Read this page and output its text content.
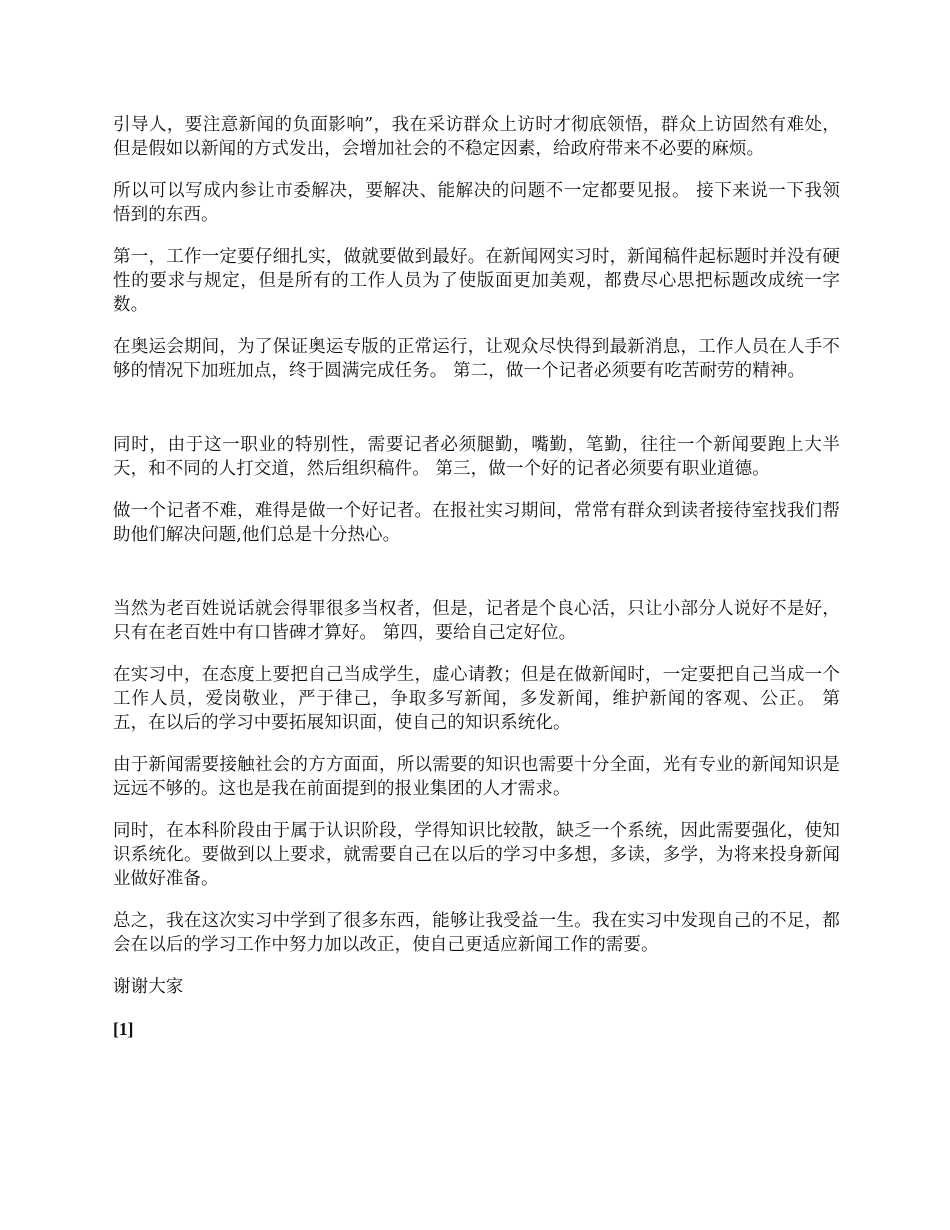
引导人，要注意新闻的负面影响”，我在采访群众上访时才彻底领悟，群众上访固然有难处，但是假如以新闻的方式发出，会增加社会的不稳定因素，给政府带来不必要的麻烦。

所以可以写成内参让市委解决，要解决、能解决的问题不一定都要见报。 接下来说一下我领悟到的东西。

第一，工作一定要仔细扎实，做就要做到最好。在新闻网实习时，新闻稿件起标题时并没有硬性的要求与规定，但是所有的工作人员为了使版面更加美观，都费尽心思把标题改成统一字数。

在奥运会期间，为了保证奥运专版的正常运行，让观众尽快得到最新消息，工作人员在人手不够的情况下加班加点，终于圆满完成任务。 第二，做一个记者必须要有吃苦耐劳的精神。

同时，由于这一职业的特别性，需要记者必须腿勤，嘴勤，笔勤，往往一个新闻要跑上大半天，和不同的人打交道，然后组织稿件。 第三，做一个好的记者必须要有职业道德。

做一个记者不难，难得是做一个好记者。在报社实习期间，常常有群众到读者接待室找我们帮助他们解决问题,他们总是十分热心。

当然为老百姓说话就会得罪很多当权者，但是，记者是个良心活，只让小部分人说好不是好，只有在老百姓中有口皆碑才算好。 第四，要给自己定好位。

在实习中，在态度上要把自己当成学生，虚心请教；但是在做新闻时，一定要把自己当成一个工作人员，爱岗敬业，严于律己，争取多写新闻，多发新闻，维护新闻的客观、公正。 第五，在以后的学习中要拓展知识面，使自己的知识系统化。

由于新闻需要接触社会的方方面面，所以需要的知识也需要十分全面，光有专业的新闻知识是远远不够的。这也是我在前面提到的报业集团的人才需求。

同时，在本科阶段由于属于认识阶段，学得知识比较散，缺乏一个系统，因此需要强化，使知识系统化。要做到以上要求，就需要自己在以后的学习中多想，多读，多学，为将来投身新闻业做好准备。

总之，我在这次实习中学到了很多东西，能够让我受益一生。我在实习中发现自己的不足，都会在以后的学习工作中努力加以改正，使自己更适应新闻工作的需要。

谢谢大家

[1]
